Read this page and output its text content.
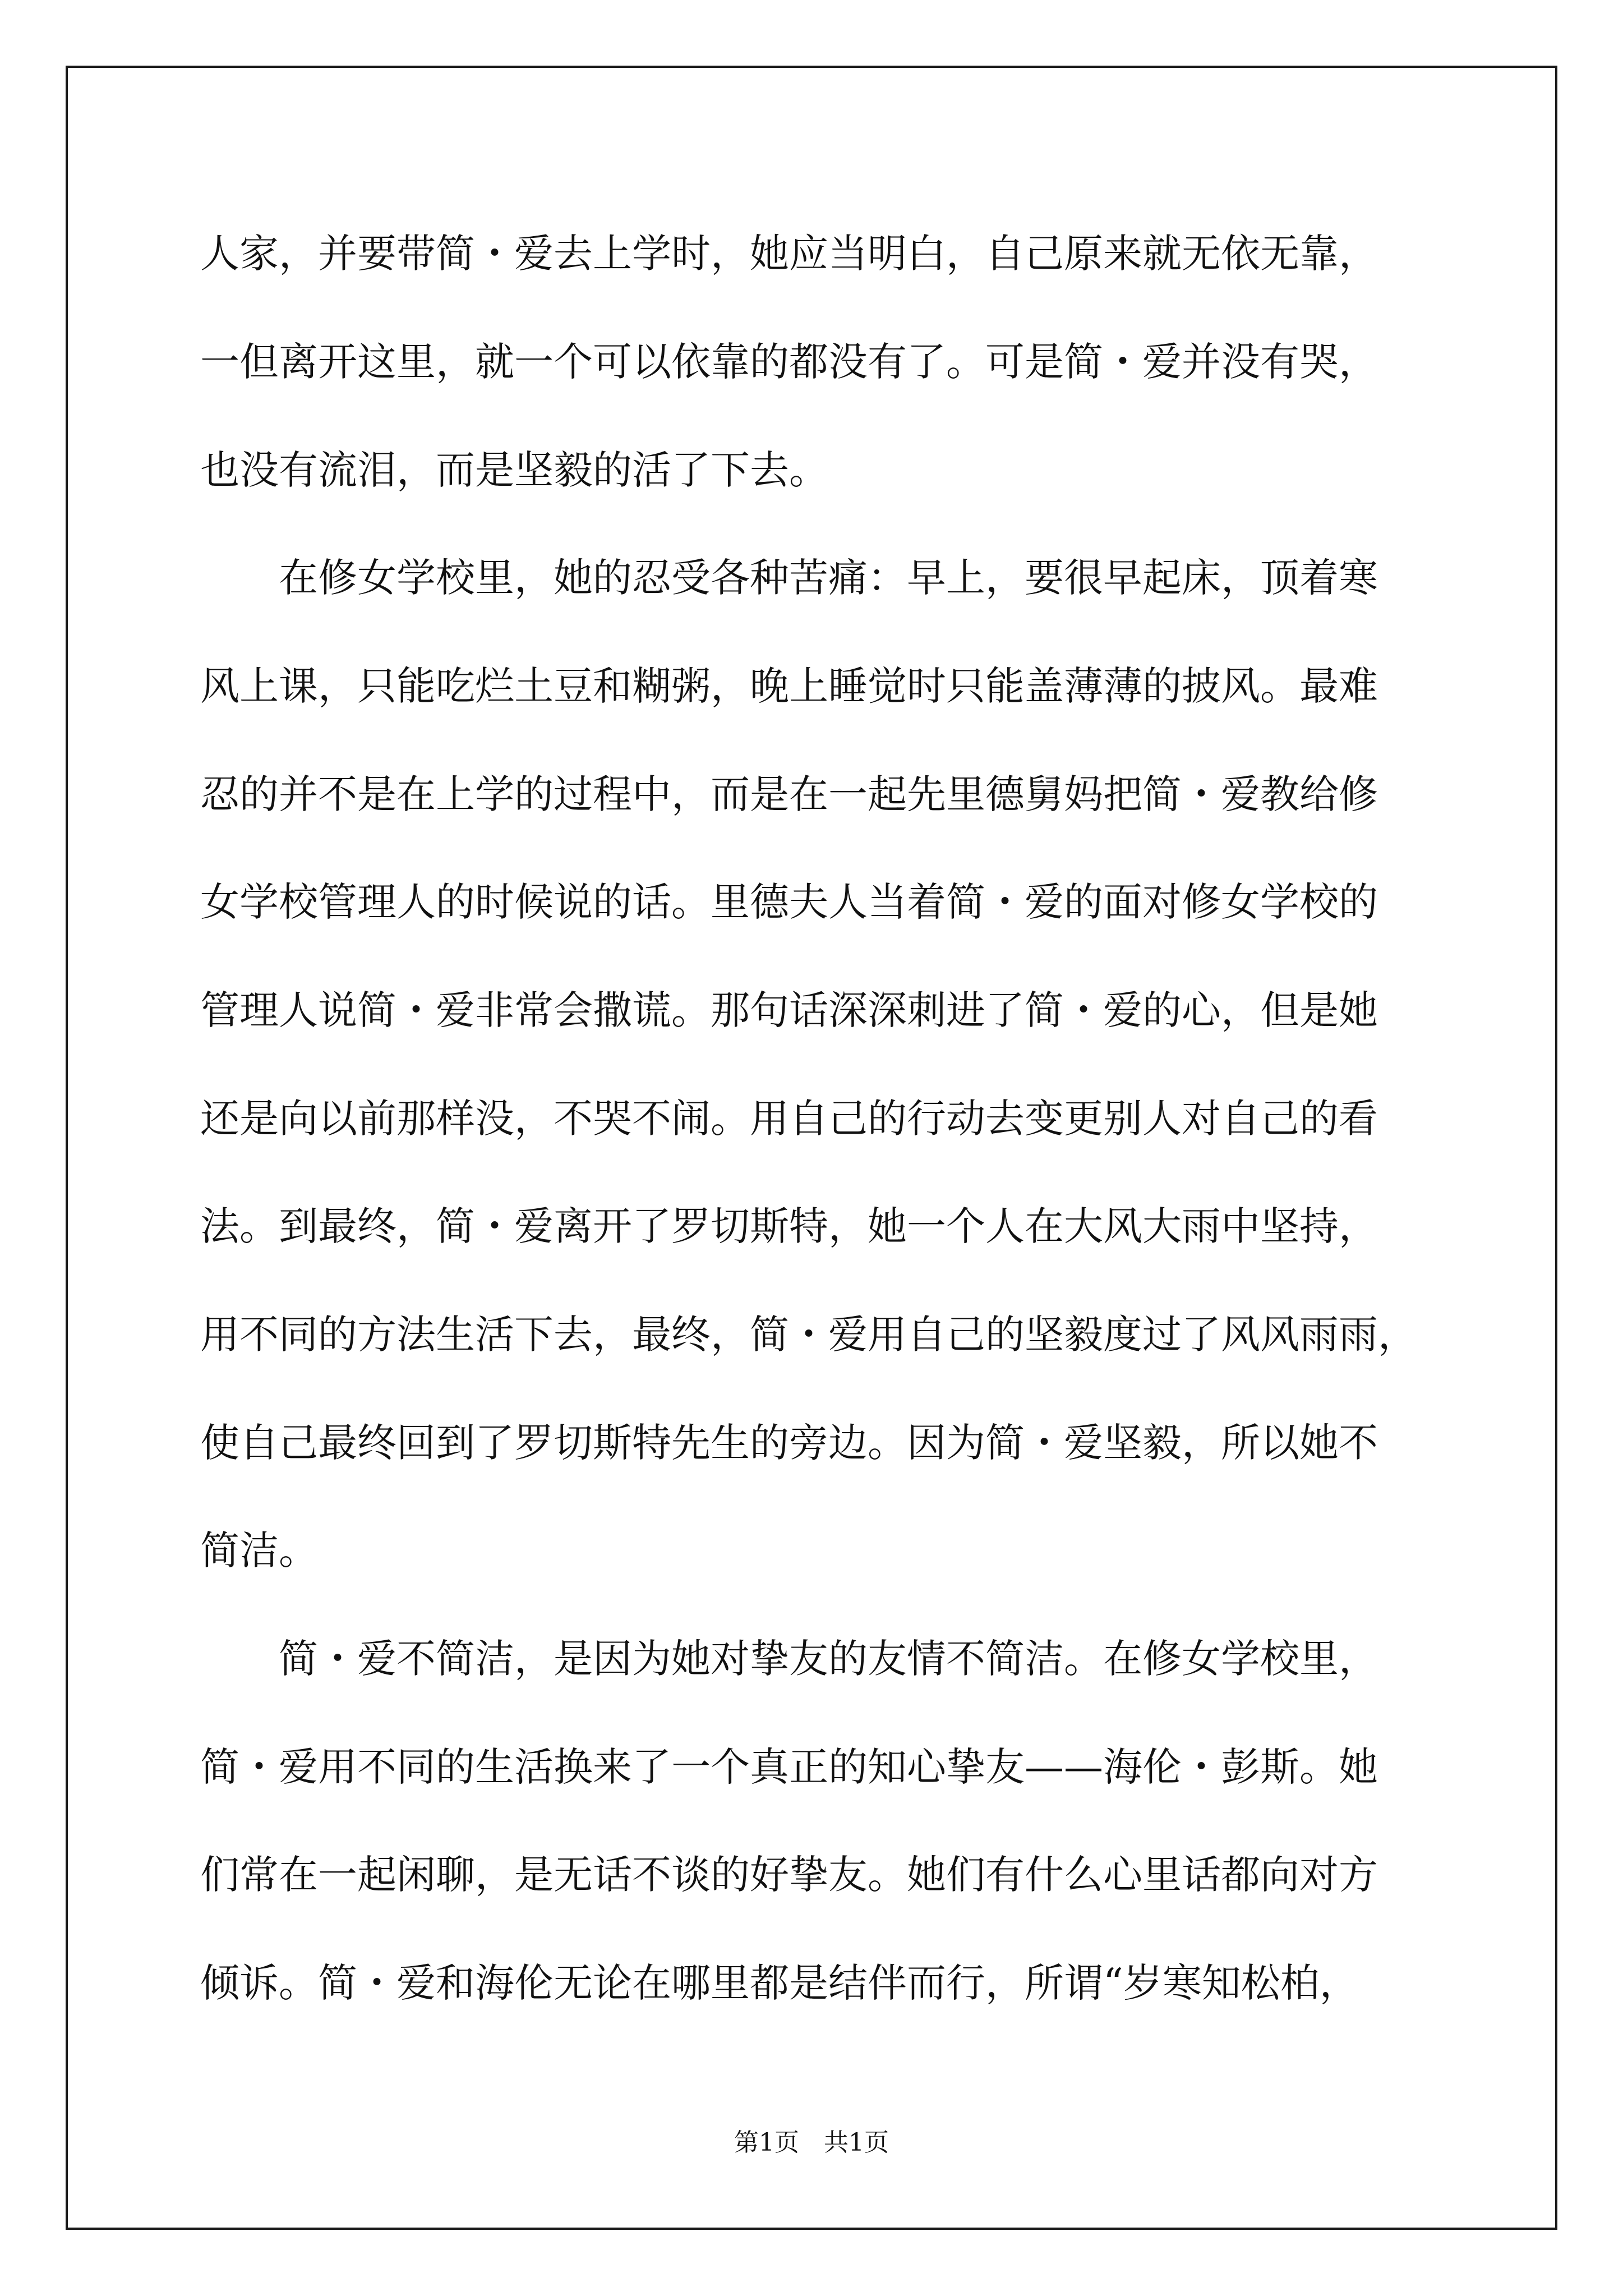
人家，并要带简・爱去上学时，她应当明白，自己原来就无依无靠，
一但离开这里，就一个可以依靠的都没有了。可是简・爱并没有哭，
也没有流泪，而是坚毅的活了下去。
　　在修女学校里，她的忍受各种苦痛：早上，要很早起床，顶着寒
风上课，只能吃烂土豆和糊粥，晚上睡觉时只能盖薄薄的披风。最难
忍的并不是在上学的过程中，而是在一起先里德舅妈把简・爱教给修
女学校管理人的时候说的话。里德夫人当着简・爱的面对修女学校的
管理人说简・爱非常会撒谎。那句话深深刺进了简・爱的心，但是她
还是向以前那样没，不哭不闹。用自己的行动去变更别人对自己的看
法。到最终，简・爱离开了罗切斯特，她一个人在大风大雨中坚持，
用不同的方法生活下去，最终，简・爱用自己的坚毅度过了风风雨雨，
使自己最终回到了罗切斯特先生的旁边。因为简・爱坚毅，所以她不
简洁。
　　简・爱不简洁，是因为她对挚友的友情不简洁。在修女学校里，
简・爱用不同的生活换来了一个真正的知心挚友——海伦・彭斯。她
们常在一起闲聊，是无话不谈的好挚友。她们有什么心里话都向对方
倾诉。简・爱和海伦无论在哪里都是结伴而行，所谓“岁寒知松柏，
第1页 共1页
